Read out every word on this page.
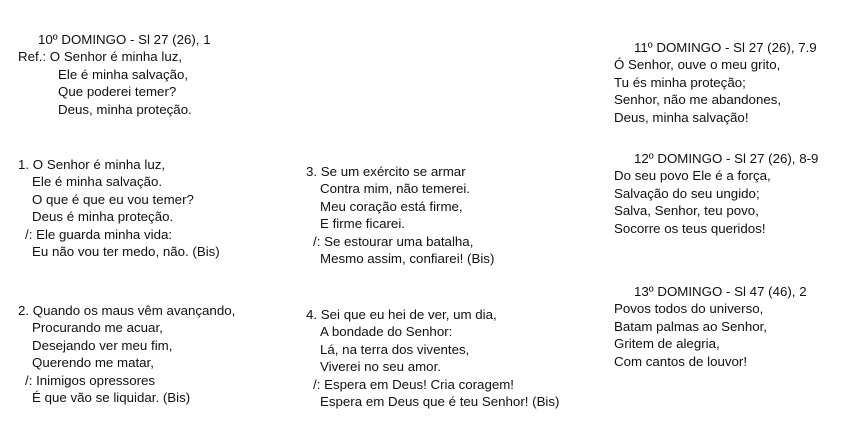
10º DOMINGO - Sl 27 (26), 1
Ref.: O Senhor é minha luz,
Ele é minha salvação,
Que poderei temer?
Deus, minha proteção.
1. O Senhor é minha luz,
Ele é minha salvação.
O que é que eu vou temer?
Deus é minha proteção.
/: Ele guarda minha vida:
Eu não vou ter medo, não. (Bis)
2. Quando os maus vêm avançando,
Procurando me acuar,
Desejando ver meu fim,
Querendo me matar,
/: Inimigos opressores
É que vão se liquidar. (Bis)
3. Se um exército se armar
Contra mim, não temerei.
Meu coração está firme,
E firme ficarei.
/: Se estourar uma batalha,
Mesmo assim, confiarei! (Bis)
4. Sei que eu hei de ver, um dia,
A bondade do Senhor:
Lá, na terra dos viventes,
Viverei no seu amor.
/: Espera em Deus! Cria coragem!
Espera em Deus que é teu Senhor! (Bis)
11º DOMINGO - Sl 27 (26), 7.9
Ó Senhor, ouve o meu grito,
Tu és minha proteção;
Senhor, não me abandones,
Deus, minha salvação!
12º DOMINGO - Sl 27 (26), 8-9
Do seu povo Ele é a força,
Salvação do seu ungido;
Salva, Senhor, teu povo,
Socorre os teus queridos!
13º DOMINGO - Sl 47 (46), 2
Povos todos do universo,
Batam palmas ao Senhor,
Gritem de alegria,
Com cantos de louvor!
